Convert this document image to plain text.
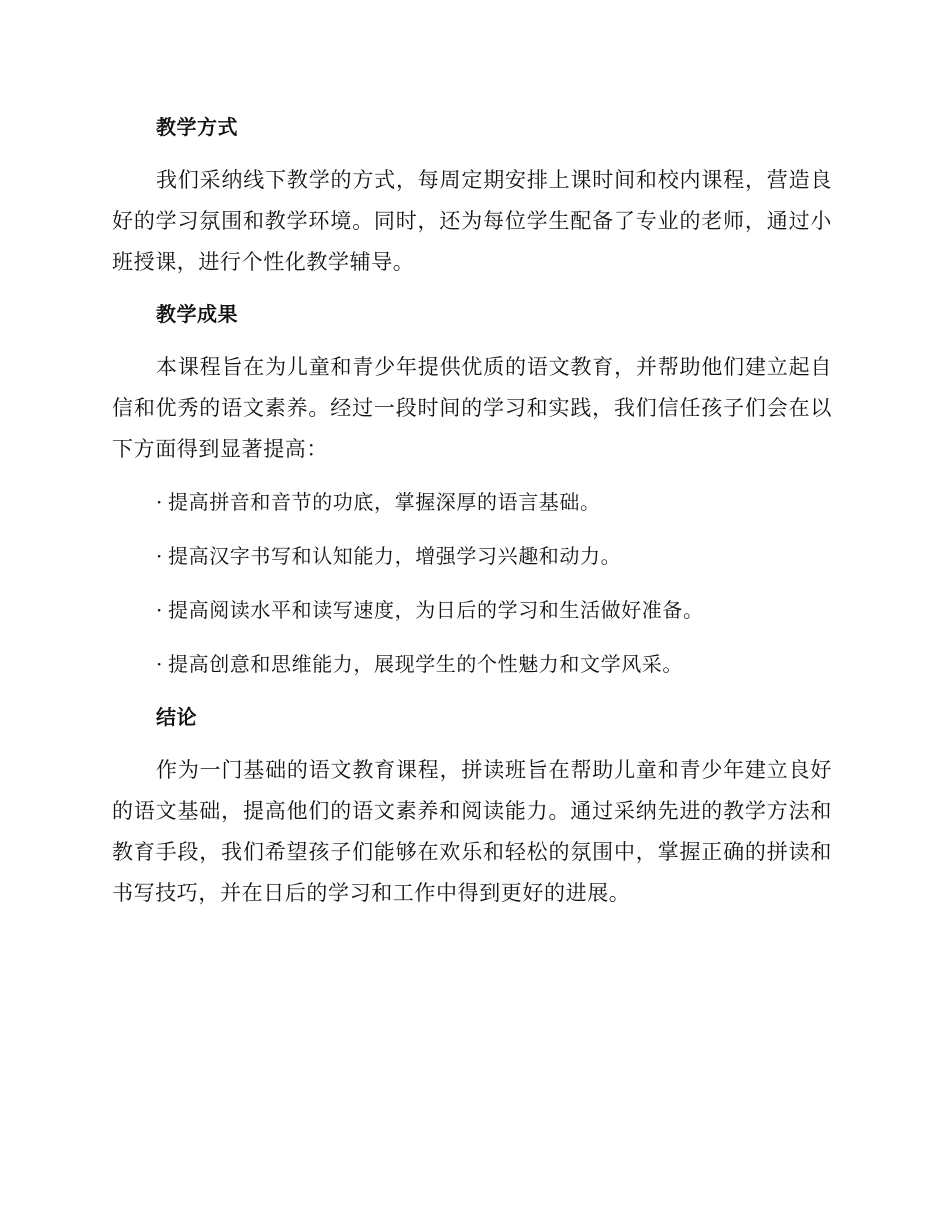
教学方式

我们采纳线下教学的方式，每周定期安排上课时间和校内课程，营造良好的学习氛围和教学环境。同时，还为每位学生配备了专业的老师，通过小班授课，进行个性化教学辅导。

教学成果

本课程旨在为儿童和青少年提供优质的语文教育，并帮助他们建立起自信和优秀的语文素养。经过一段时间的学习和实践，我们信任孩子们会在以下方面得到显著提高：

· 提高拼音和音节的功底，掌握深厚的语言基础。
· 提高汉字书写和认知能力，增强学习兴趣和动力。
· 提高阅读水平和读写速度，为日后的学习和生活做好准备。
· 提高创意和思维能力，展现学生的个性魅力和文学风采。
结论

作为一门基础的语文教育课程，拼读班旨在帮助儿童和青少年建立良好的语文基础，提高他们的语文素养和阅读能力。通过采纳先进的教学方法和教育手段，我们希望孩子们能够在欢乐和轻松的氛围中，掌握正确的拼读和书写技巧，并在日后的学习和工作中得到更好的进展。
